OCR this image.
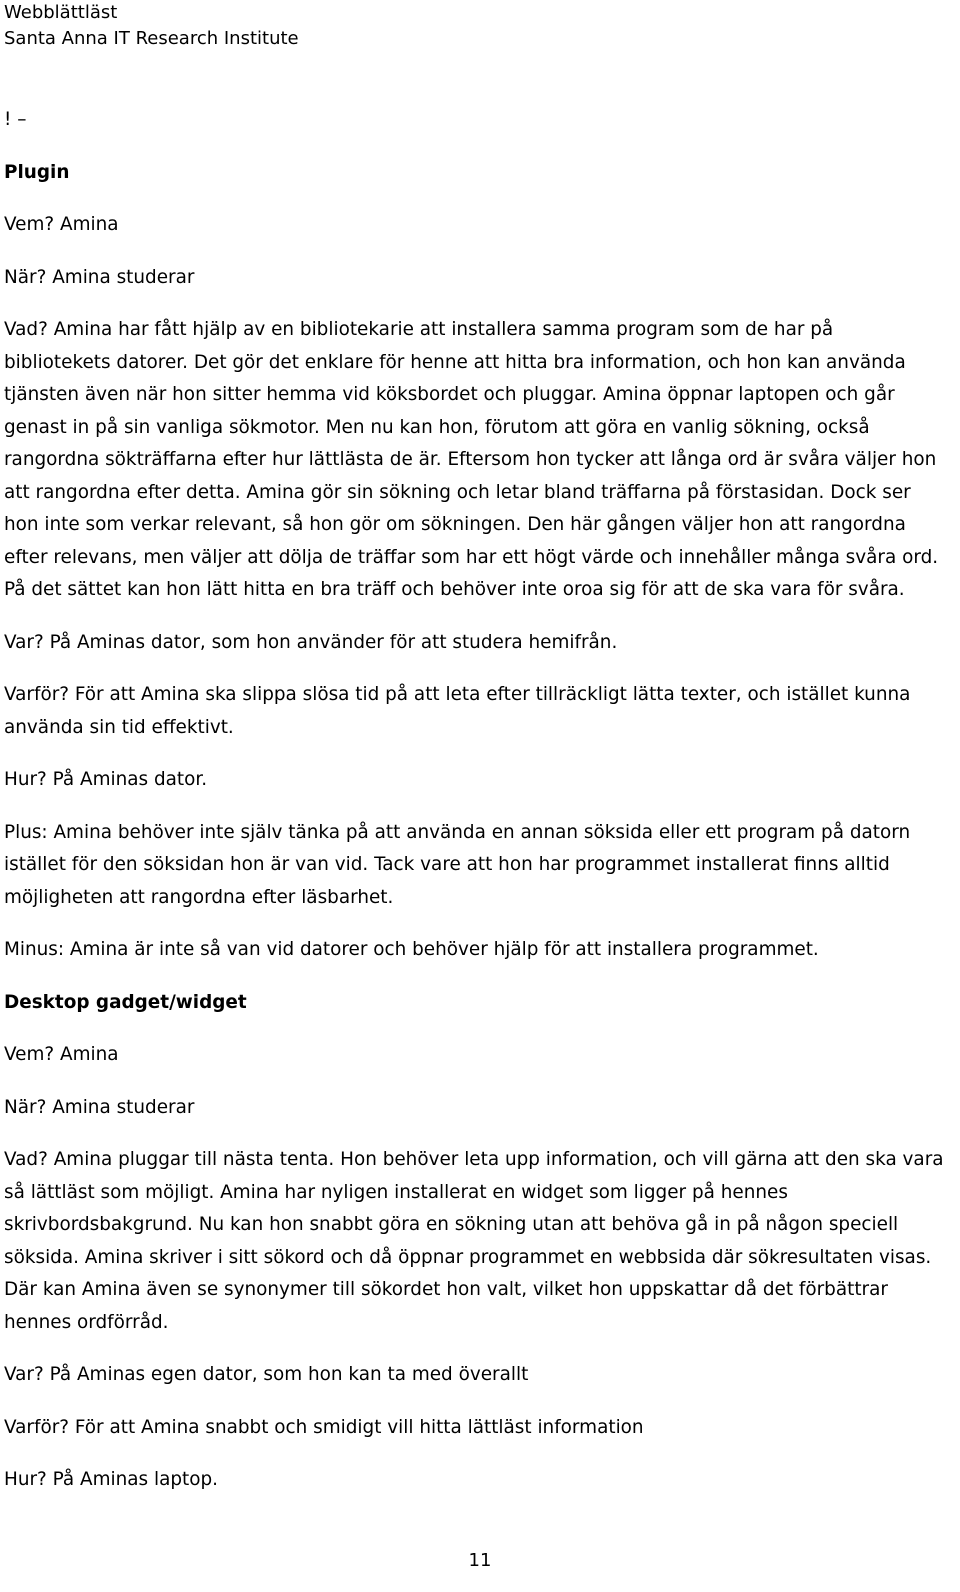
Webblättläst
Santa Anna IT Research Institute
! –
Plugin
Vem? Amina
När? Amina studerar
Vad? Amina har fått hjälp av en bibliotekarie att installera samma program som de har på
bibliotekets datorer. Det gör det enklare för henne att hitta bra information, och hon kan använda
tjänsten även när hon sitter hemma vid köksbordet och pluggar. Amina öppnar laptopen och går
genast in på sin vanliga sökmotor. Men nu kan hon, förutom att göra en vanlig sökning, också
rangordna sökträffarna efter hur lättlästa de är. Eftersom hon tycker att långa ord är svåra väljer hon
att rangordna efter detta. Amina gör sin sökning och letar bland träffarna på förstasidan. Dock ser
hon inte som verkar relevant, så hon gör om sökningen. Den här gången väljer hon att rangordna
efter relevans, men väljer att dölja de träffar som har ett högt värde och innehåller många svåra ord.
På det sättet kan hon lätt hitta en bra träff och behöver inte oroa sig för att de ska vara för svåra.
Var? På Aminas dator, som hon använder för att studera hemifrån.
Varför? För att Amina ska slippa slösa tid på att leta efter tillräckligt lätta texter, och istället kunna
använda sin tid effektivt.
Hur? På Aminas dator.
Plus: Amina behöver inte själv tänka på att använda en annan söksida eller ett program på datorn
istället för den söksidan hon är van vid. Tack vare att hon har programmet installerat finns alltid
möjligheten att rangordna efter läsbarhet.
Minus: Amina är inte så van vid datorer och behöver hjälp för att installera programmet.
Desktop gadget/widget
Vem? Amina
När? Amina studerar
Vad? Amina pluggar till nästa tenta. Hon behöver leta upp information, och vill gärna att den ska vara
så lättläst som möjligt. Amina har nyligen installerat en widget som ligger på hennes
skrivbordsbakgrund. Nu kan hon snabbt göra en sökning utan att behöva gå in på någon speciell
söksida. Amina skriver i sitt sökord och då öppnar programmet en webbsida där sökresultaten visas.
Där kan Amina även se synonymer till sökordet hon valt, vilket hon uppskattar då det förbättrar
hennes ordförråd.
Var? På Aminas egen dator, som hon kan ta med överallt
Varför? För att Amina snabbt och smidigt vill hitta lättläst information
Hur? På Aminas laptop.
11
